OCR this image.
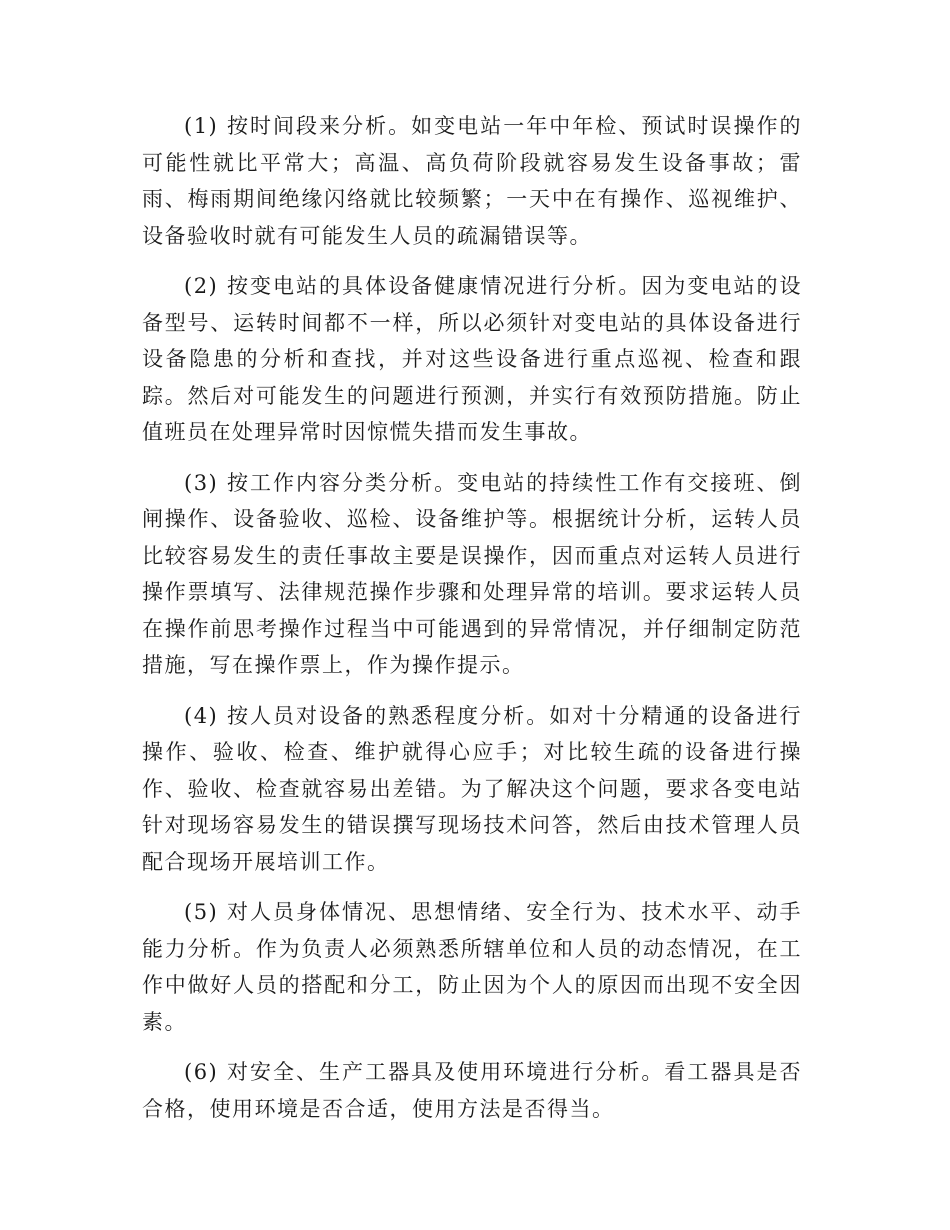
(1) 按时间段来分析。如变电站一年中年检、预试时误操作的可能性就比平常大；高温、高负荷阶段就容易发生设备事故；雷雨、梅雨期间绝缘闪络就比较频繁；一天中在有操作、巡视维护、设备验收时就有可能发生人员的疏漏错误等。

(2) 按变电站的具体设备健康情况进行分析。因为变电站的设备型号、运转时间都不一样，所以必须针对变电站的具体设备进行设备隐患的分析和查找，并对这些设备进行重点巡视、检查和跟踪。然后对可能发生的问题进行预测，并实行有效预防措施。防止值班员在处理异常时因惊慌失措而发生事故。

(3) 按工作内容分类分析。变电站的持续性工作有交接班、倒闸操作、设备验收、巡检、设备维护等。根据统计分析，运转人员比较容易发生的责任事故主要是误操作，因而重点对运转人员进行操作票填写、法律规范操作步骤和处理异常的培训。要求运转人员在操作前思考操作过程当中可能遇到的异常情况，并仔细制定防范措施，写在操作票上，作为操作提示。

(4) 按人员对设备的熟悉程度分析。如对十分精通的设备进行操作、验收、检查、维护就得心应手；对比较生疏的设备进行操作、验收、检查就容易出差错。为了解决这个问题，要求各变电站针对现场容易发生的错误撰写现场技术问答，然后由技术管理人员配合现场开展培训工作。

(5) 对人员身体情况、思想情绪、安全行为、技术水平、动手能力分析。作为负责人必须熟悉所辖单位和人员的动态情况，在工作中做好人员的搭配和分工，防止因为个人的原因而出现不安全因素。

(6) 对安全、生产工器具及使用环境进行分析。看工器具是否合格，使用环境是否合适，使用方法是否得当。
